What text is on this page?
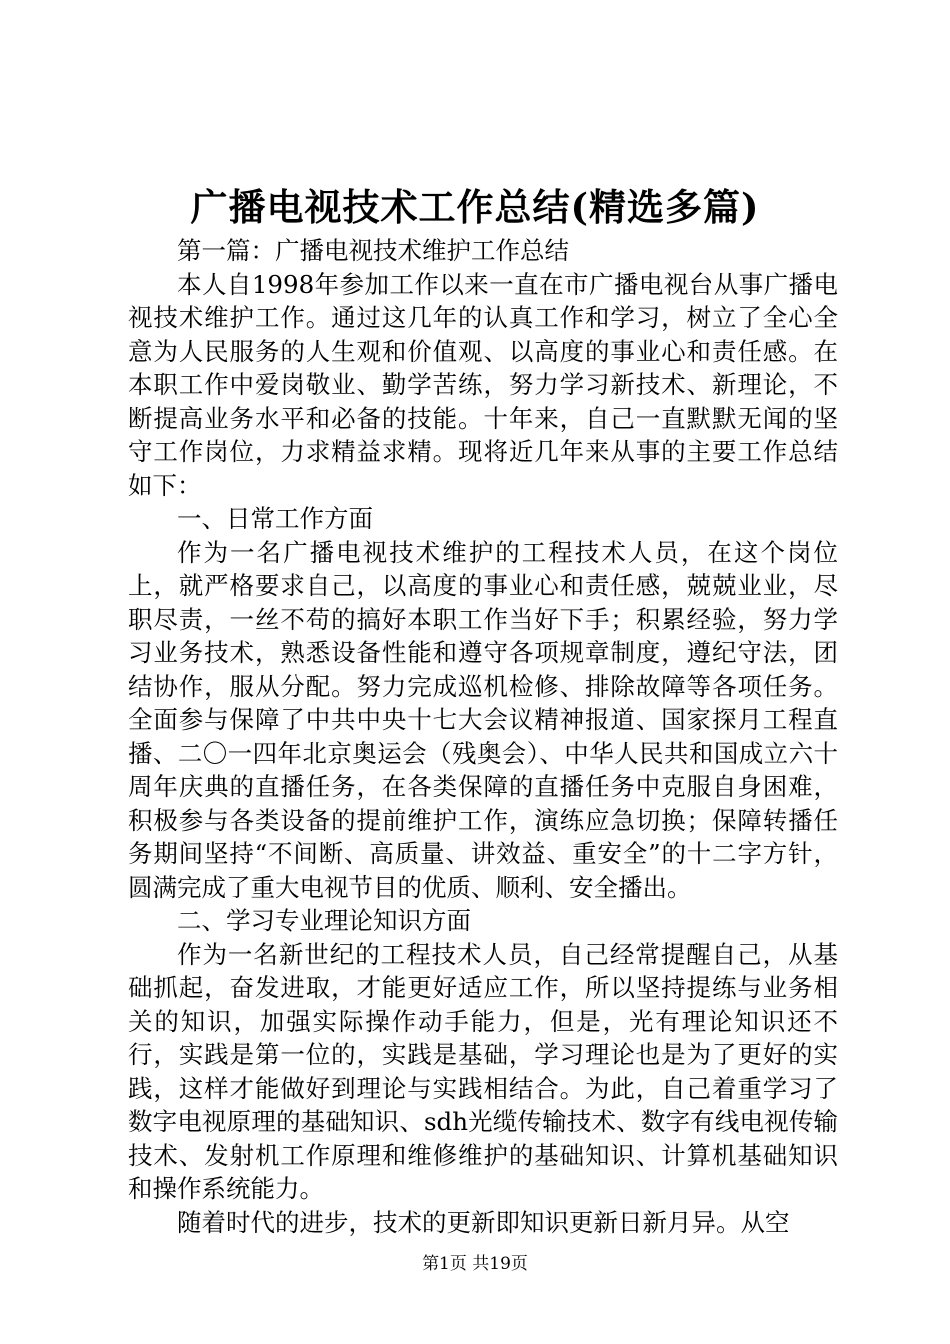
广播电视技术工作总结(精选多篇)

第一篇：广播电视技术维护工作总结

本人自1998年参加工作以来一直在市广播电视台从事广播电视技术维护工作。通过这几年的认真工作和学习，树立了全心全意为人民服务的人生观和价值观、以高度的事业心和责任感。在本职工作中爱岗敬业、勤学苦练，努力学习新技术、新理论，不断提高业务水平和必备的技能。十年来，自己一直默默无闻的坚守工作岗位，力求精益求精。现将近几年来从事的主要工作总结如下：

一、日常工作方面

作为一名广播电视技术维护的工程技术人员，在这个岗位上，就严格要求自己，以高度的事业心和责任感，兢兢业业，尽职尽责，一丝不苟的搞好本职工作当好下手；积累经验，努力学习业务技术，熟悉设备性能和遵守各项规章制度，遵纪守法，团结协作，服从分配。努力完成巡机检修、排除故障等各项任务。全面参与保障了中共中央十七大会议精神报道、国家探月工程直播、二〇一四年北京奥运会（残奥会）、中华人民共和国成立六十周年庆典的直播任务，在各类保障的直播任务中克服自身困难，积极参与各类设备的提前维护工作，演练应急切换；保障转播任务期间坚持“不间断、高质量、讲效益、重安全”的十二字方针，圆满完成了重大电视节目的优质、顺利、安全播出。

二、学习专业理论知识方面

作为一名新世纪的工程技术人员，自己经常提醒自己，从基础抓起，奋发进取，才能更好适应工作，所以坚持提练与业务相关的知识，加强实际操作动手能力，但是，光有理论知识还不行，实践是第一位的，实践是基础，学习理论也是为了更好的实践，这样才能做好到理论与实践相结合。为此，自己着重学习了数字电视原理的基础知识、sdh光缆传输技术、数字有线电视传输技术、发射机工作原理和维修维护的基础知识、计算机基础知识和操作系统能力。

随着时代的进步，技术的更新即知识更新日新月异。从空

第1页 共19页
